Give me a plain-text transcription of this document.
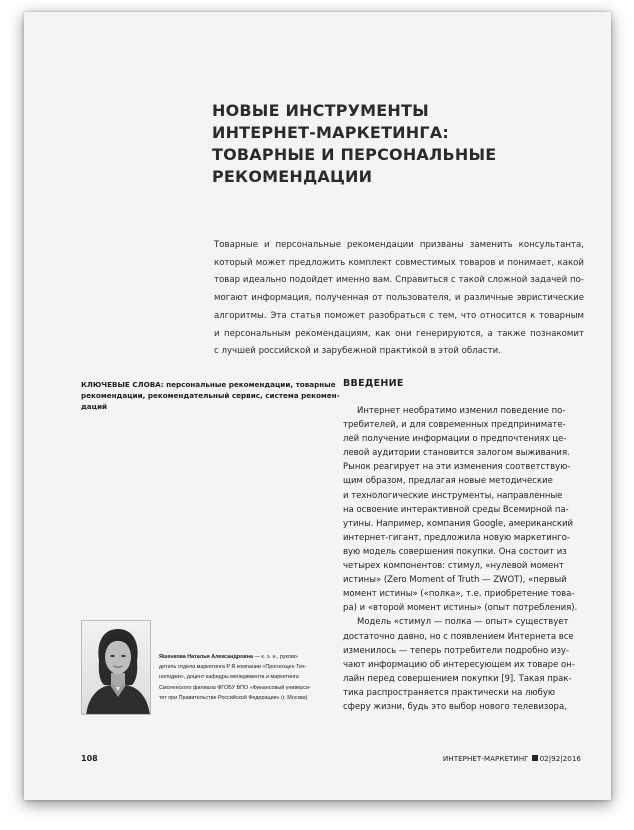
НОВЫЕ ИНСТРУМЕНТЫ
ИНТЕРНЕТ-МАРКЕТИНГА:
ТОВАРНЫЕ И ПЕРСОНАЛЬНЫЕ
РЕКОМЕНДАЦИИ
Товарные и персональные рекомендации призваны заменить консультанта,
который может предложить комплект совместимых товаров и понимает, какой
товар идеально подойдет именно вам. Справиться с такой сложной задачей по-
могают информация, полученная от пользователя, и различные эвристические
алгоритмы. Эта статья поможет разобраться с тем, что относится к товарным
и персональным рекомендациям, как они генерируются, а также познакомит
с лучшей российской и зарубежной практикой в этой области.
КЛЮЧЕВЫЕ СЛОВА: персональные рекомендации, товарные
рекомендации, рекомендательный сервис, система рекомен-
даций
ВВЕДЕНИЕ
Интернет необратимо изменил поведение по-
требителей, и для современных предпринимате-
лей получение информации о предпочтениях це-
левой аудитории становится залогом выживания.
Рынок реагирует на эти изменения соответствую-
щим образом, предлагая новые методические
и технологические инструменты, направленные
на освоение интерактивной среды Всемирной па-
утины. Например, компания Google, американский
интернет-гигант, предложила новую маркетинго-
вую модель совершения покупки. Она состоит из
четырех компонентов: стимул, «нулевой момент
истины» (Zero Moment of Truth — ZWOT), «первый
момент истины» («полка», т.е. приобретение това-
ра) и «второй момент истины» (опыт потребления).
Модель «стимул — полка — опыт» существует
достаточно давно, но с появлением Интернета все
изменилось — теперь потребители подробно изу-
чают информацию об интересующем их товаре он-
лайн перед совершением покупки [9]. Такая прак-
тика распространяется практически на любую
сферу жизни, будь это выбор нового телевизора,
Яшенкова Наталья Александровна — к. э. н., руково-
дитель отдела маркетинга Р R компании «Прогнозцен Тех-
нолоджи», доцент кафедры менеджмента и маркетинга
Смоленского филиала ФГОБУ ВПО «Финансовый универси-
тет при Правительстве Российской Федерации» (г. Москва)
108	ИНТЕРНЕТ-МАРКЕТИНГ 02|92|2016
